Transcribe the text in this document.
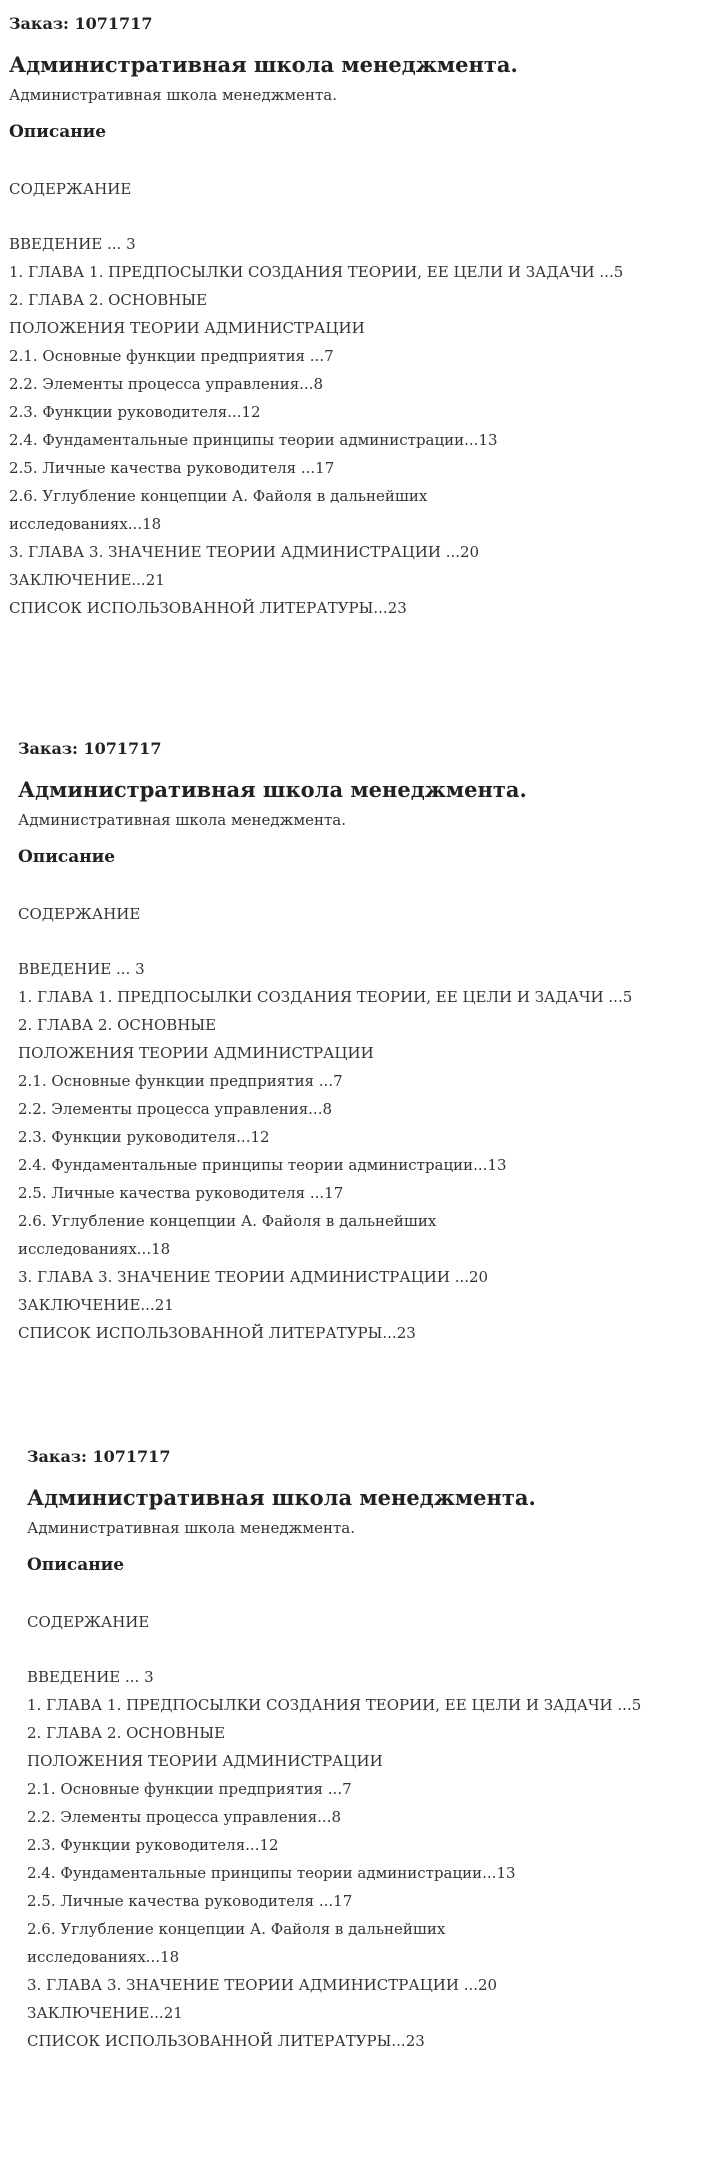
Заказ: 1071717
Административная школа менеджмента.
Административная школа менеджмента.
Описание
СОДЕРЖАНИЕ
ВВЕДЕНИЕ ... 3
1. ГЛАВА 1. ПРЕДПОСЫЛКИ СОЗДАНИЯ ТЕОРИИ, ЕЕ ЦЕЛИ И ЗАДАЧИ ...5
2. ГЛАВА 2. ОСНОВНЫЕ
ПОЛОЖЕНИЯ ТЕОРИИ АДМИНИСТРАЦИИ
2.1. Основные функции предприятия ...7
2.2. Элементы процесса управления...8
2.3. Функции руководителя...12
2.4. Фундаментальные принципы теории администрации...13
2.5. Личные качества руководителя ...17
2.6. Углубление концепции А. Файоля в дальнейших
исследованиях...18
3. ГЛАВА 3. ЗНАЧЕНИЕ ТЕОРИИ АДМИНИСТРАЦИИ ...20
ЗАКЛЮЧЕНИЕ...21
СПИСОК ИСПОЛЬЗОВАННОЙ ЛИТЕРАТУРЫ...23
Заказ: 1071717
Административная школа менеджмента.
Административная школа менеджмента.
Описание
СОДЕРЖАНИЕ
ВВЕДЕНИЕ ... 3
1. ГЛАВА 1. ПРЕДПОСЫЛКИ СОЗДАНИЯ ТЕОРИИ, ЕЕ ЦЕЛИ И ЗАДАЧИ ...5
2. ГЛАВА 2. ОСНОВНЫЕ
ПОЛОЖЕНИЯ ТЕОРИИ АДМИНИСТРАЦИИ
2.1. Основные функции предприятия ...7
2.2. Элементы процесса управления...8
2.3. Функции руководителя...12
2.4. Фундаментальные принципы теории администрации...13
2.5. Личные качества руководителя ...17
2.6. Углубление концепции А. Файоля в дальнейших
исследованиях...18
3. ГЛАВА 3. ЗНАЧЕНИЕ ТЕОРИИ АДМИНИСТРАЦИИ ...20
ЗАКЛЮЧЕНИЕ...21
СПИСОК ИСПОЛЬЗОВАННОЙ ЛИТЕРАТУРЫ...23
Заказ: 1071717
Административная школа менеджмента.
Административная школа менеджмента.
Описание
СОДЕРЖАНИЕ
ВВЕДЕНИЕ ... 3
1. ГЛАВА 1. ПРЕДПОСЫЛКИ СОЗДАНИЯ ТЕОРИИ, ЕЕ ЦЕЛИ И ЗАДАЧИ ...5
2. ГЛАВА 2. ОСНОВНЫЕ
ПОЛОЖЕНИЯ ТЕОРИИ АДМИНИСТРАЦИИ
2.1. Основные функции предприятия ...7
2.2. Элементы процесса управления...8
2.3. Функции руководителя...12
2.4. Фундаментальные принципы теории администрации...13
2.5. Личные качества руководителя ...17
2.6. Углубление концепции А. Файоля в дальнейших
исследованиях...18
3. ГЛАВА 3. ЗНАЧЕНИЕ ТЕОРИИ АДМИНИСТРАЦИИ ...20
ЗАКЛЮЧЕНИЕ...21
СПИСОК ИСПОЛЬЗОВАННОЙ ЛИТЕРАТУРЫ...23
